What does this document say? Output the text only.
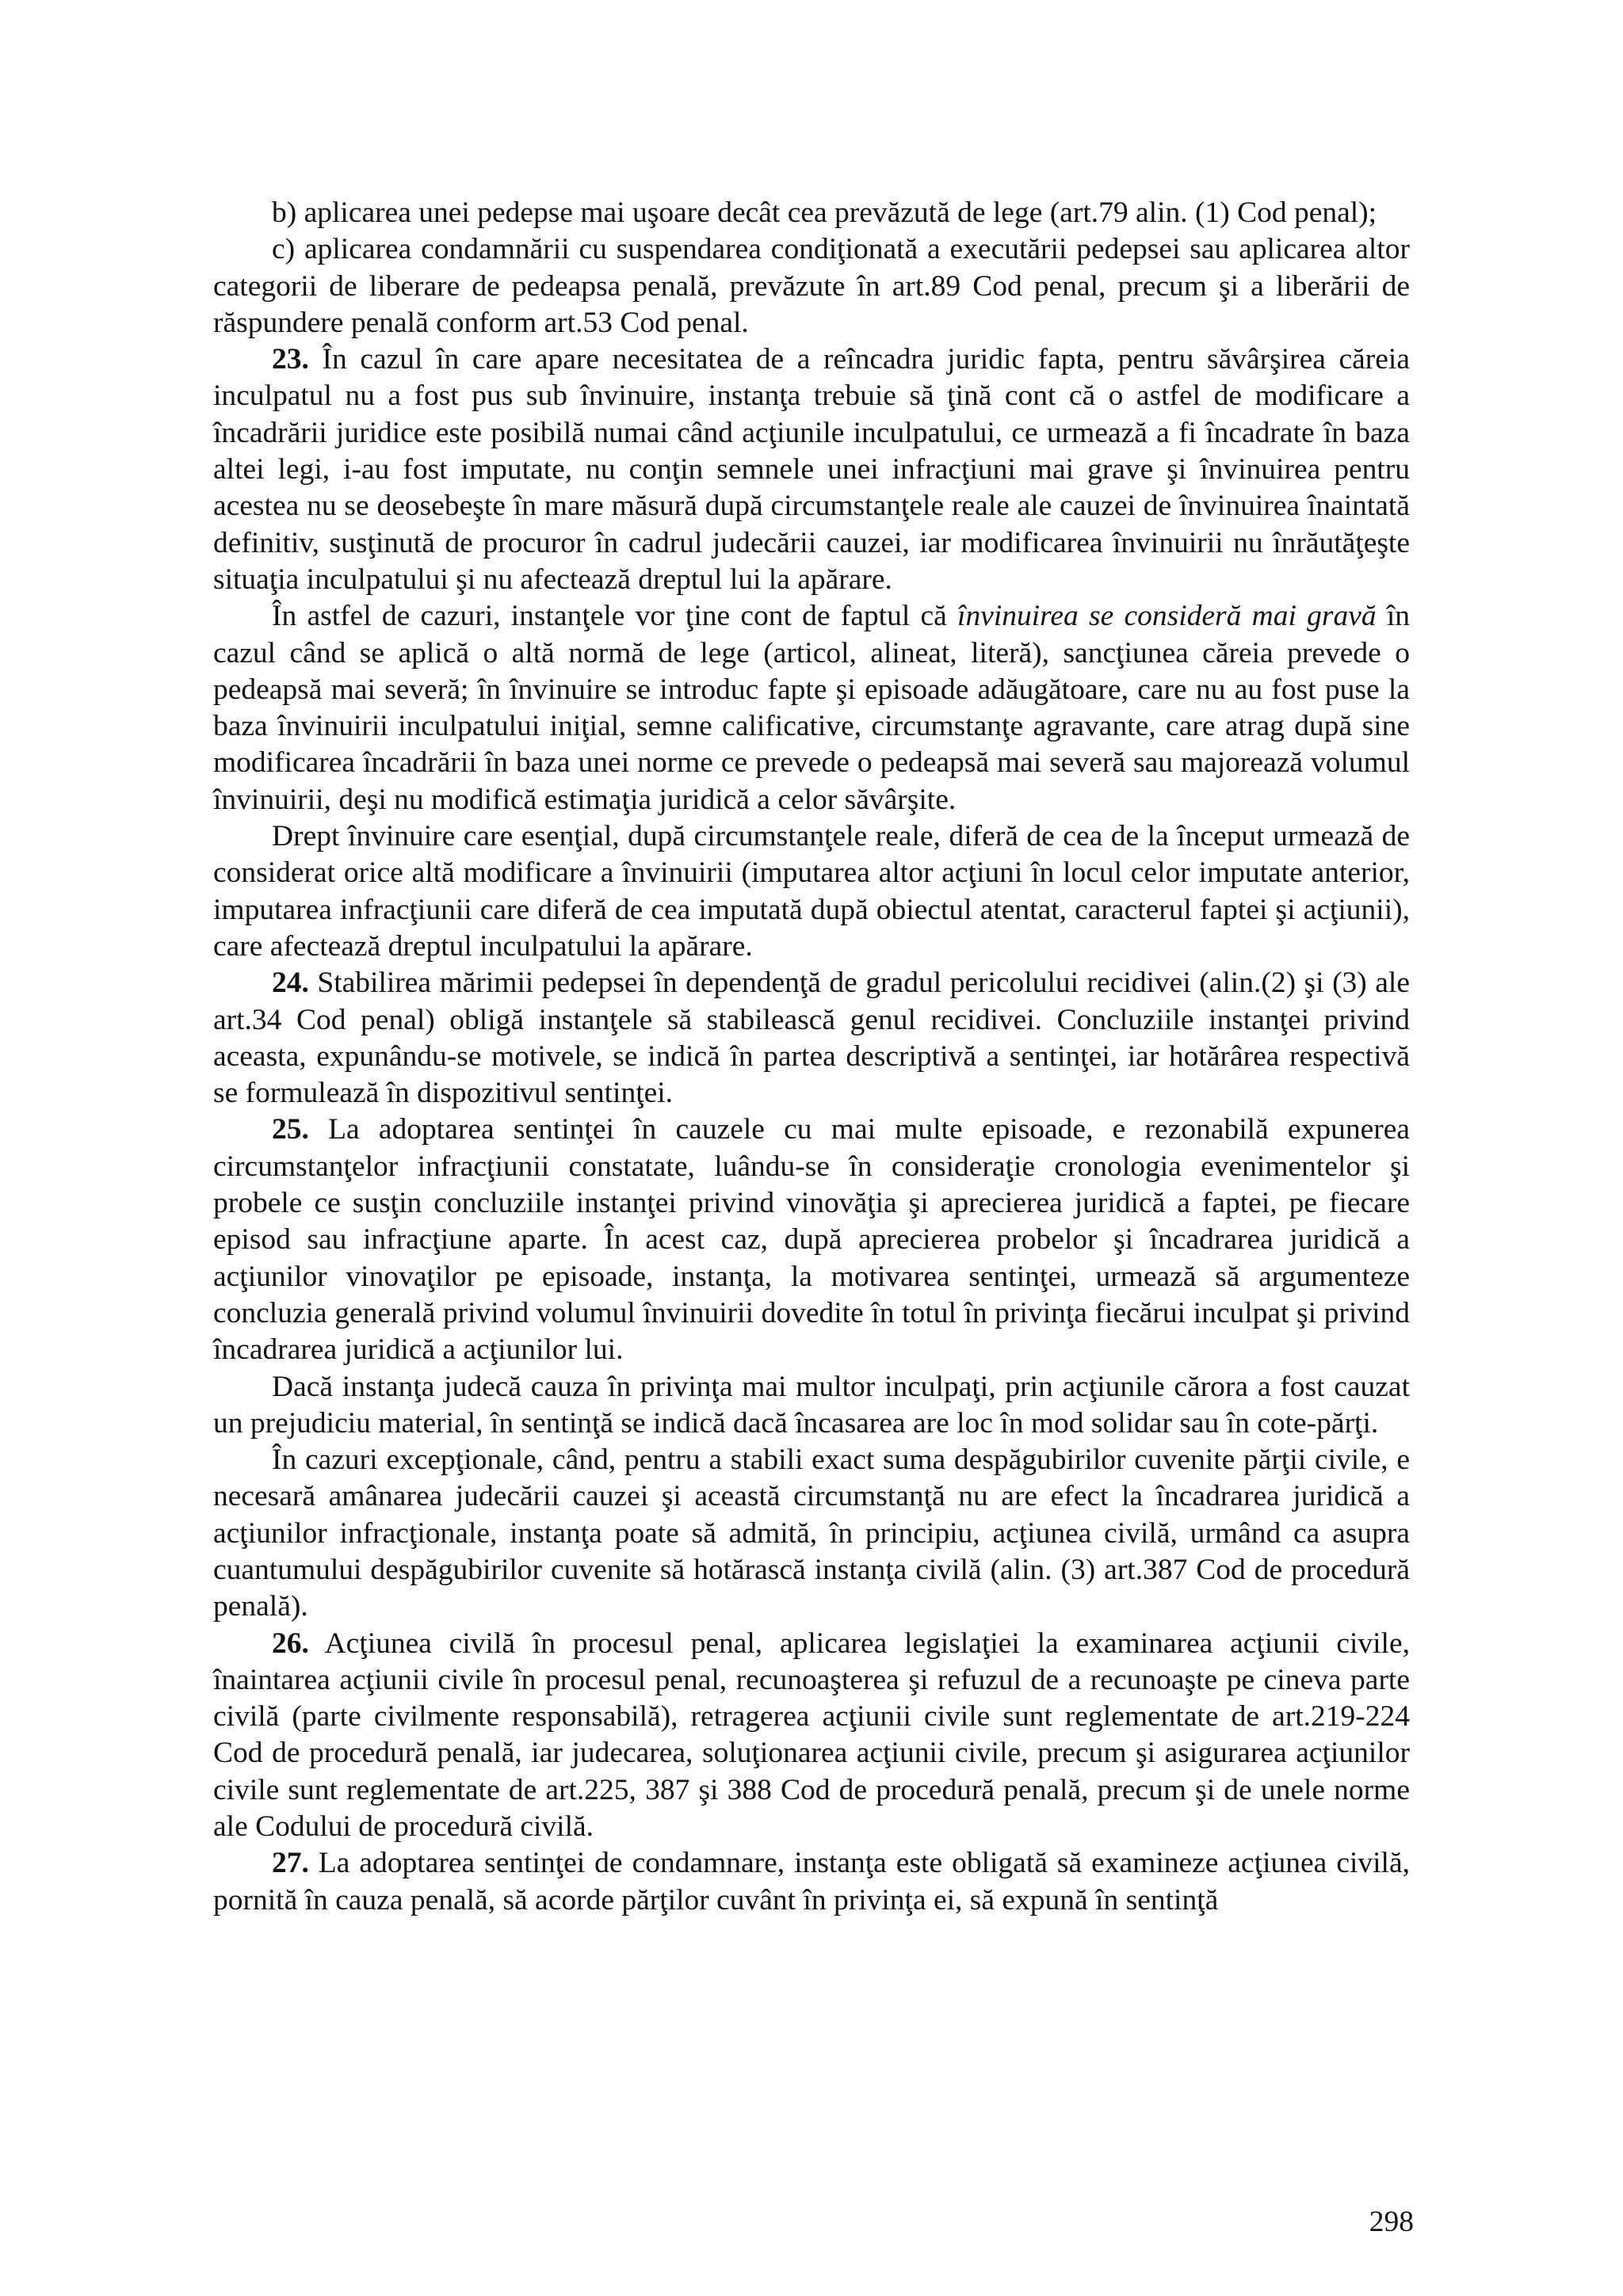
b) aplicarea unei pedepse mai uşoare decât cea prevăzută de lege (art.79 alin. (1) Cod penal);

c) aplicarea condamnării cu suspendarea condiţionată a executării pedepsei sau aplicarea altor categorii de liberare de pedeapsa penală, prevăzute în art.89 Cod penal, precum şi a liberării de răspundere penală conform art.53 Cod penal.

23. În cazul în care apare necesitatea de a reîncadra juridic fapta, pentru săvârşirea căreia inculpatul nu a fost pus sub învinuire, instanţa trebuie să ţină cont că o astfel de modificare a încadrării juridice este posibilă numai când acţiunile inculpatului, ce urmează a fi încadrate în baza altei legi, i-au fost imputate, nu conţin semnele unei infracţiuni mai grave şi învinuirea pentru acestea nu se deosebeşte în mare măsură după circumstanţele reale ale cauzei de învinuirea înaintată definitiv, susţinută de procuror în cadrul judecării cauzei, iar modificarea învinuirii nu înrăutăţeşte situaţia inculpatului şi nu afectează dreptul lui la apărare.

În astfel de cazuri, instanţele vor ţine cont de faptul că învinuirea se consideră mai gravă în cazul când se aplică o altă normă de lege (articol, alineat, literă), sancţiunea căreia prevede o pedeapsă mai severă; în învinuire se introduc fapte şi episoade adăugătoare, care nu au fost puse la baza învinuirii inculpatului iniţial, semne calificative, circumstanţe agravante, care atrag după sine modificarea încadrării în baza unei norme ce prevede o pedeapsă mai severă sau majorează volumul învinuirii, deşi nu modifică estimaţia juridică a celor săvârşite.

Drept învinuire care esenţial, după circumstanţele reale, diferă de cea de la început urmează de considerat orice altă modificare a învinuirii (imputarea altor acţiuni în locul celor imputate anterior, imputarea infracţiunii care diferă de cea imputată după obiectul atentat, caracterul faptei şi acţiunii), care afectează dreptul inculpatului la apărare.

24. Stabilirea mărimii pedepsei în dependenţă de gradul pericolului recidivei (alin.(2) şi (3) ale art.34 Cod penal) obligă instanţele să stabilească genul recidivei. Concluziile instanţei privind aceasta, expunându-se motivele, se indică în partea descriptivă a sentinţei, iar hotărârea respectivă se formulează în dispozitivul sentinţei.

25. La adoptarea sentinţei în cauzele cu mai multe episoade, e rezonabilă expunerea circumstanţelor infracţiunii constatate, luându-se în consideraţie cronologia evenimentelor şi probele ce susţin concluziile instanţei privind vinovăţia şi aprecierea juridică a faptei, pe fiecare episod sau infracţiune aparte. În acest caz, după aprecierea probelor şi încadrarea juridică a acţiunilor vinovaţilor pe episoade, instanţa, la motivarea sentinţei, urmează să argumenteze concluzia generală privind volumul învinuirii dovedite în totul în privinţa fiecărui inculpat şi privind încadrarea juridică a acţiunilor lui.

Dacă instanţa judecă cauza în privinţa mai multor inculpaţi, prin acţiunile cărora a fost cauzat un prejudiciu material, în sentinţă se indică dacă încasarea are loc în mod solidar sau în cote-părţi.

În cazuri excepţionale, când, pentru a stabili exact suma despăgubirilor cuvenite părţii civile, e necesară amânarea judecării cauzei şi această circumstanţă nu are efect la încadrarea juridică a acţiunilor infracţionale, instanţa poate să admită, în principiu, acţiunea civilă, urmând ca asupra cuantumului despăgubirilor cuvenite să hotărască instanţa civilă (alin. (3) art.387 Cod de procedură penală).

26. Acţiunea civilă în procesul penal, aplicarea legislaţiei la examinarea acţiunii civile, înaintarea acţiunii civile în procesul penal, recunoaşterea şi refuzul de a recunoaşte pe cineva parte civilă (parte civilmente responsabilă), retragerea acţiunii civile sunt reglementate de art.219-224 Cod de procedură penală, iar judecarea, soluţionarea acţiunii civile, precum şi asigurarea acţiunilor civile sunt reglementate de art.225, 387 şi 388 Cod de procedură penală, precum şi de unele norme ale Codului de procedură civilă.

27. La adoptarea sentinţei de condamnare, instanţa este obligată să examineze acţiunea civilă, pornită în cauza penală, să acorde părţilor cuvânt în privinţa ei, să expună în sentinţă

298
